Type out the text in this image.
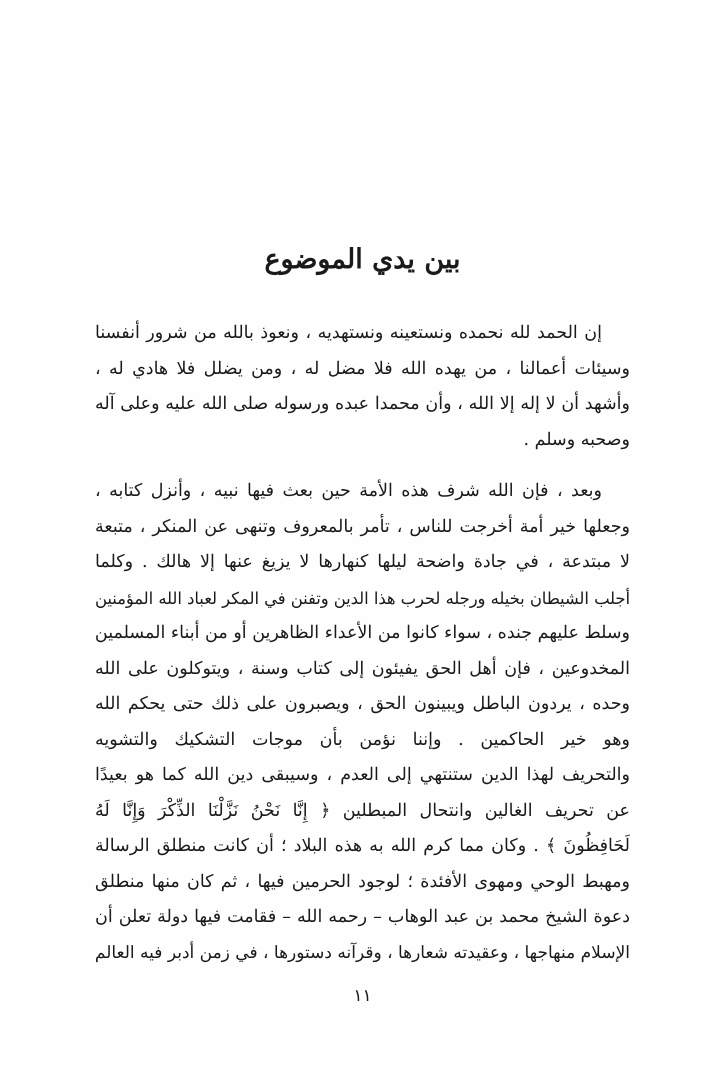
بين يدي الموضوع
إن الحمد لله نحمده ونستعينه ونستهديه ، ونعوذ بالله من شرور أنفسنا
وسيئات أعمالنا ، من يهده الله فلا مضل له ، ومن يضلل فلا هادي له ،
وأشهد أن لا إله إلا الله ، وأن محمدا عبده ورسوله صلى الله عليه وعلى آله
وصحبه وسلم .
وبعد ، فإن الله شرف هذه الأمة حين بعث فيها نبيه ، وأنزل كتابه ،
وجعلها خير أمة أخرجت للناس ، تأمر بالمعروف وتنهى عن المنكر ، متبعة
لا مبتدعة ، في جادة واضحة ليلها كنهارها لا يزيغ عنها إلا هالك . وكلما
أجلب الشيطان بخيله ورجله لحرب هذا الدين وتفنن في المكر لعباد الله المؤمنين
وسلط عليهم جنده ، سواء كانوا من الأعداء الظاهرين أو من أبناء المسلمين
المخدوعين ، فإن أهل الحق يفيئون إلى كتاب وسنة ، ويتوكلون على الله
وحده ، يردون الباطل ويبينون الحق ، ويصبرون على ذلك حتى يحكم الله
وهو خير الحاكمين . وإننا نؤمن بأن موجات التشكيك والتشويه
والتحريف لهذا الدين ستنتهي إلى العدم ، وسيبقى دين الله كما هو بعيدًا
عن تحريف الغالين وانتحال المبطلين ﴿ إِنَّا نَحْنُ نَزَّلْنَا الذِّكْرَ وَإِنَّا لَهُ
لَحَافِظُونَ ﴾ . وكان مما كرم الله به هذه البلاد ؛ أن كانت منطلق الرسالة
ومهبط الوحي ومهوى الأفئدة ؛ لوجود الحرمين فيها ، ثم كان منها منطلق
دعوة الشيخ محمد بن عبد الوهاب – رحمه الله – فقامت فيها دولة تعلن أن
الإسلام منهاجها ، وعقيدته شعارها ، وقرآنه دستورها ، في زمن أدبر فيه العالم
١١
